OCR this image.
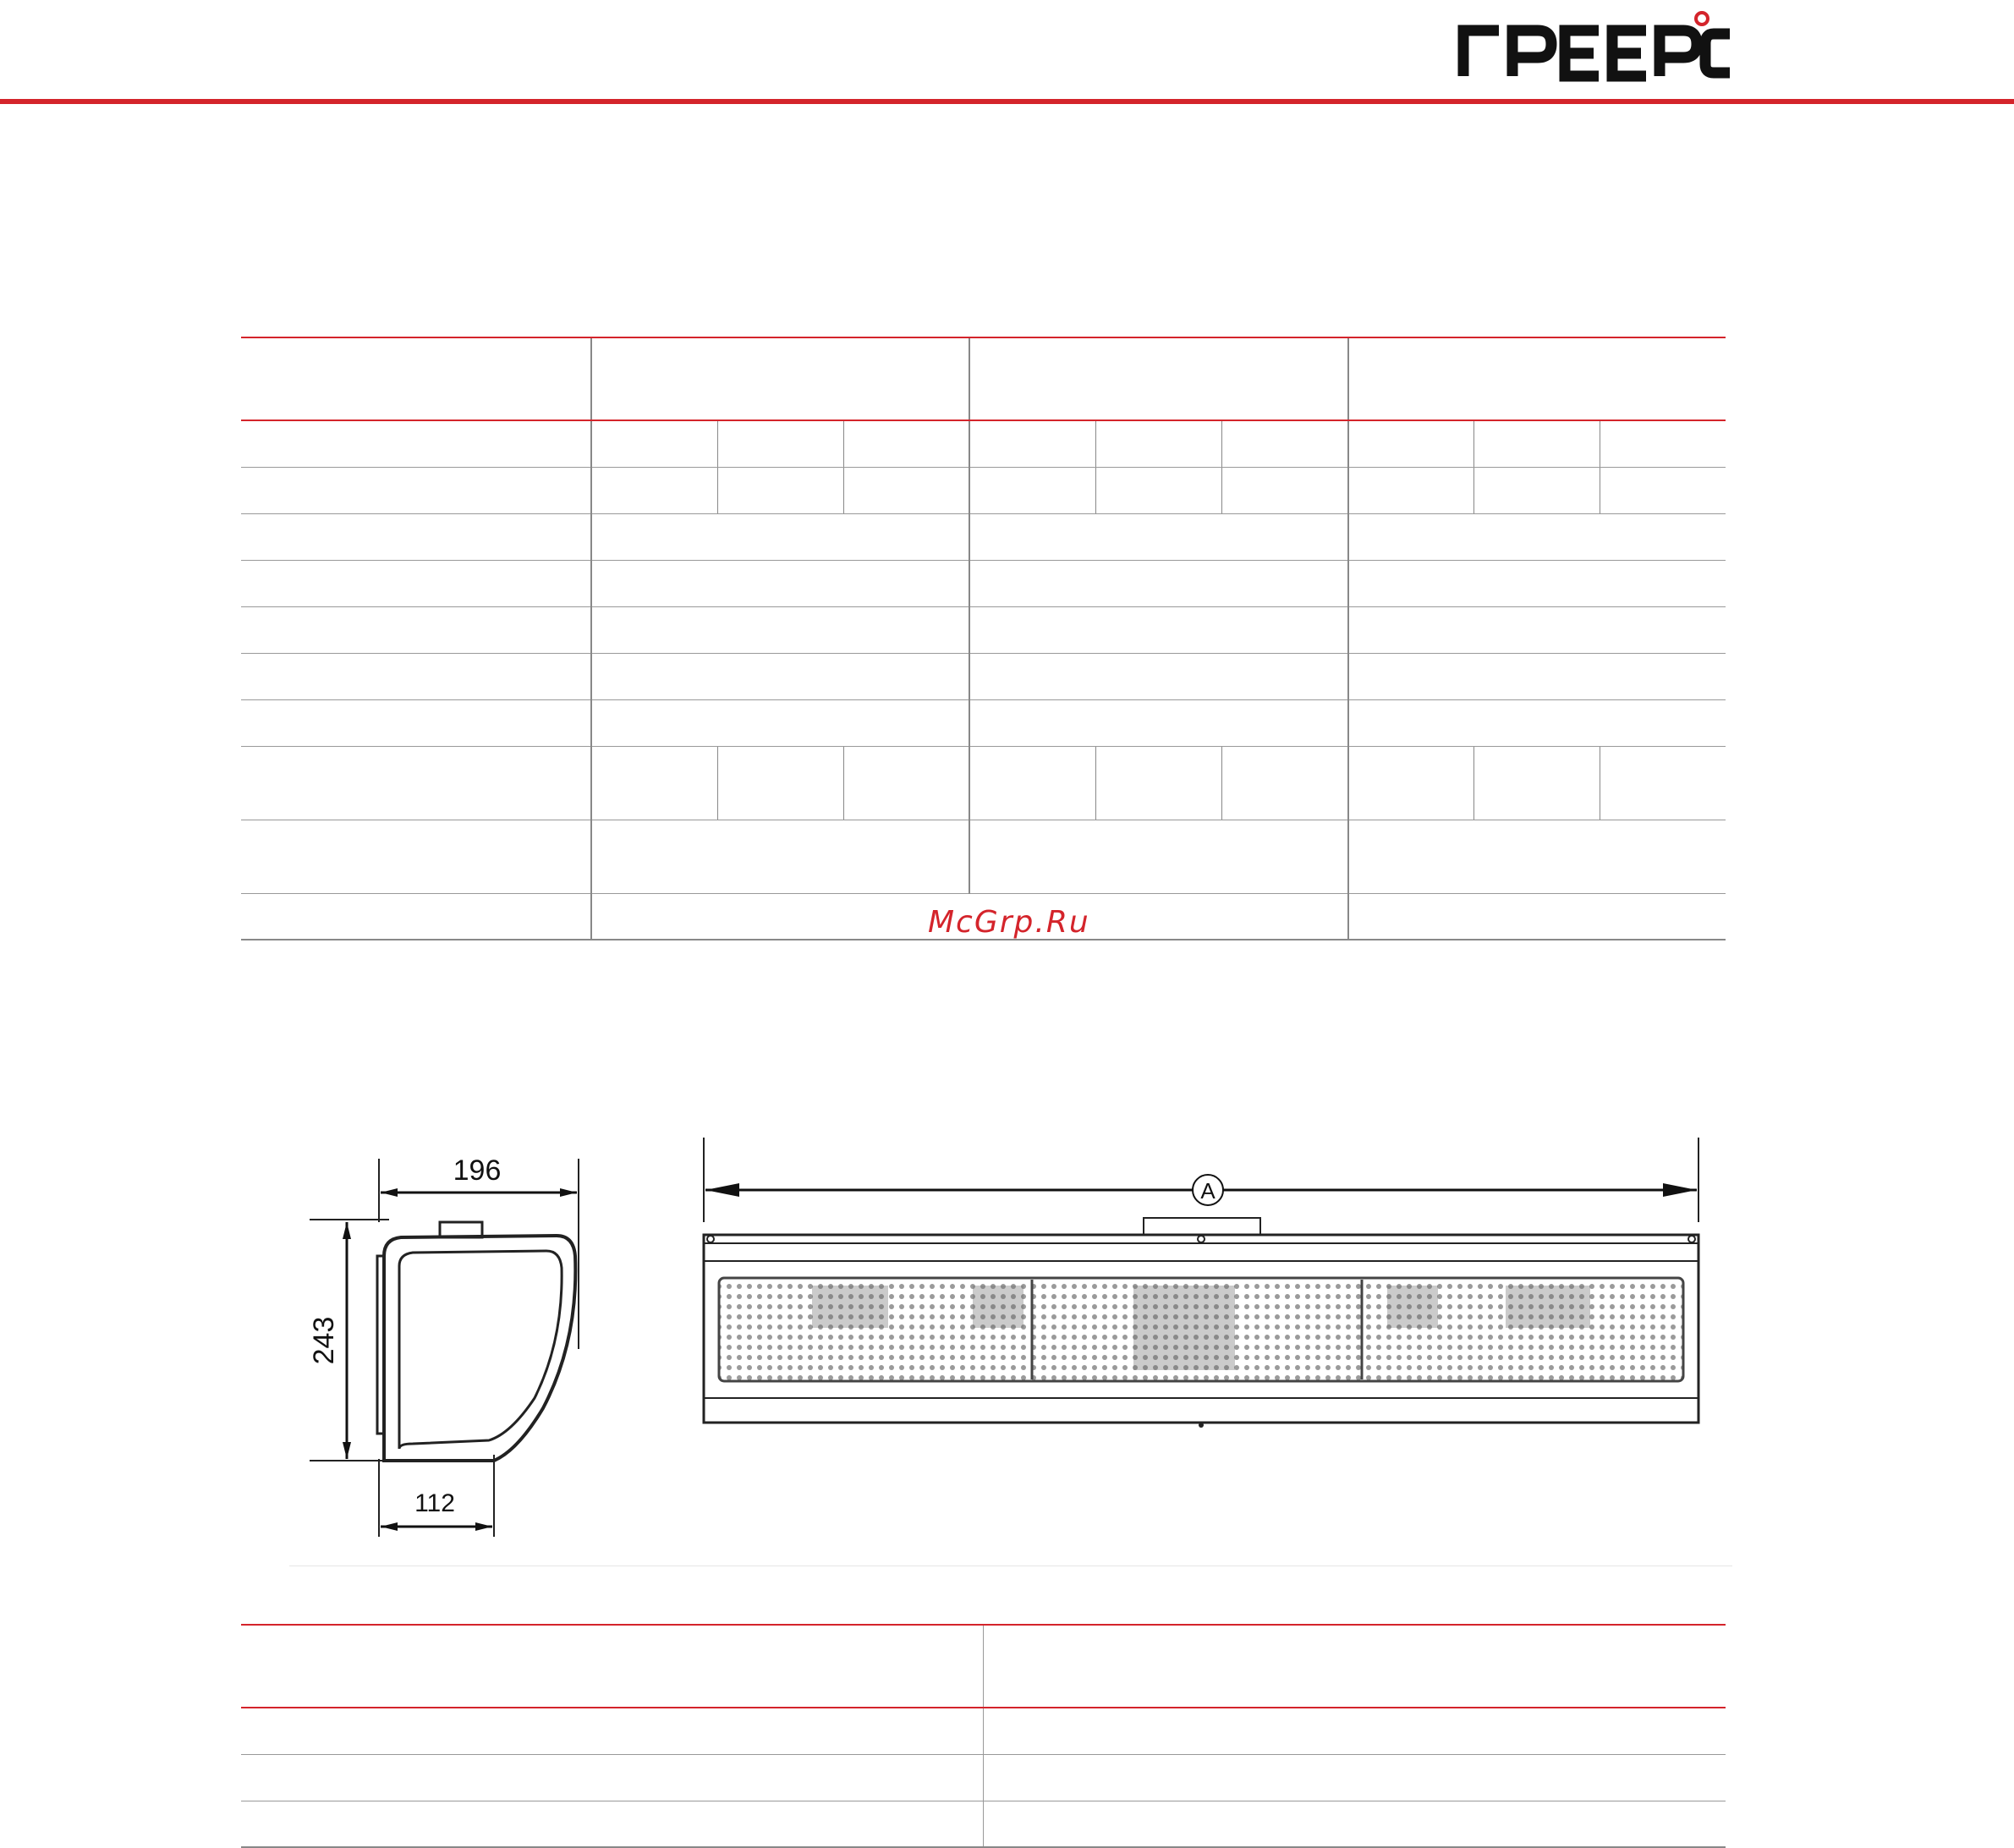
McGrp.Ru
196
243
112
A
